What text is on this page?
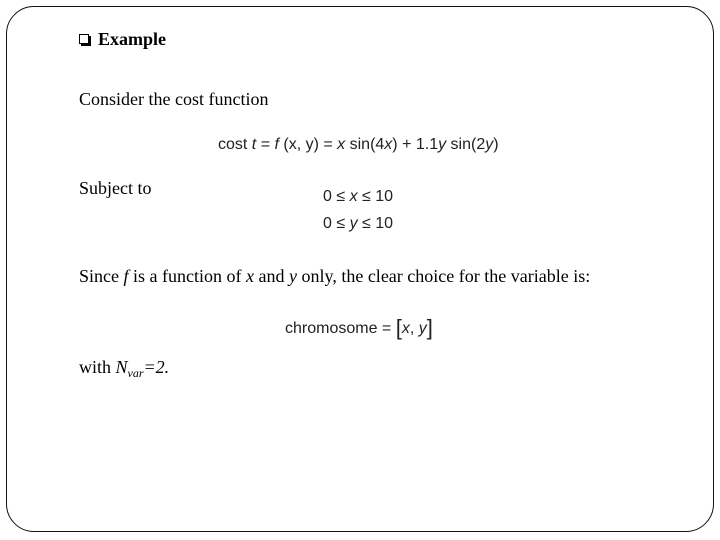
Example
Consider the cost function
cost t = f (x, y) = x sin(4x) + 1.1y sin(2y)
Subject to	0 ≤ x ≤ 10
0 ≤ y ≤ 10
Since f is a function of x and y only, the clear choice for the variable is:
chromosome = [x, y]
with $N_{var}=2$.
